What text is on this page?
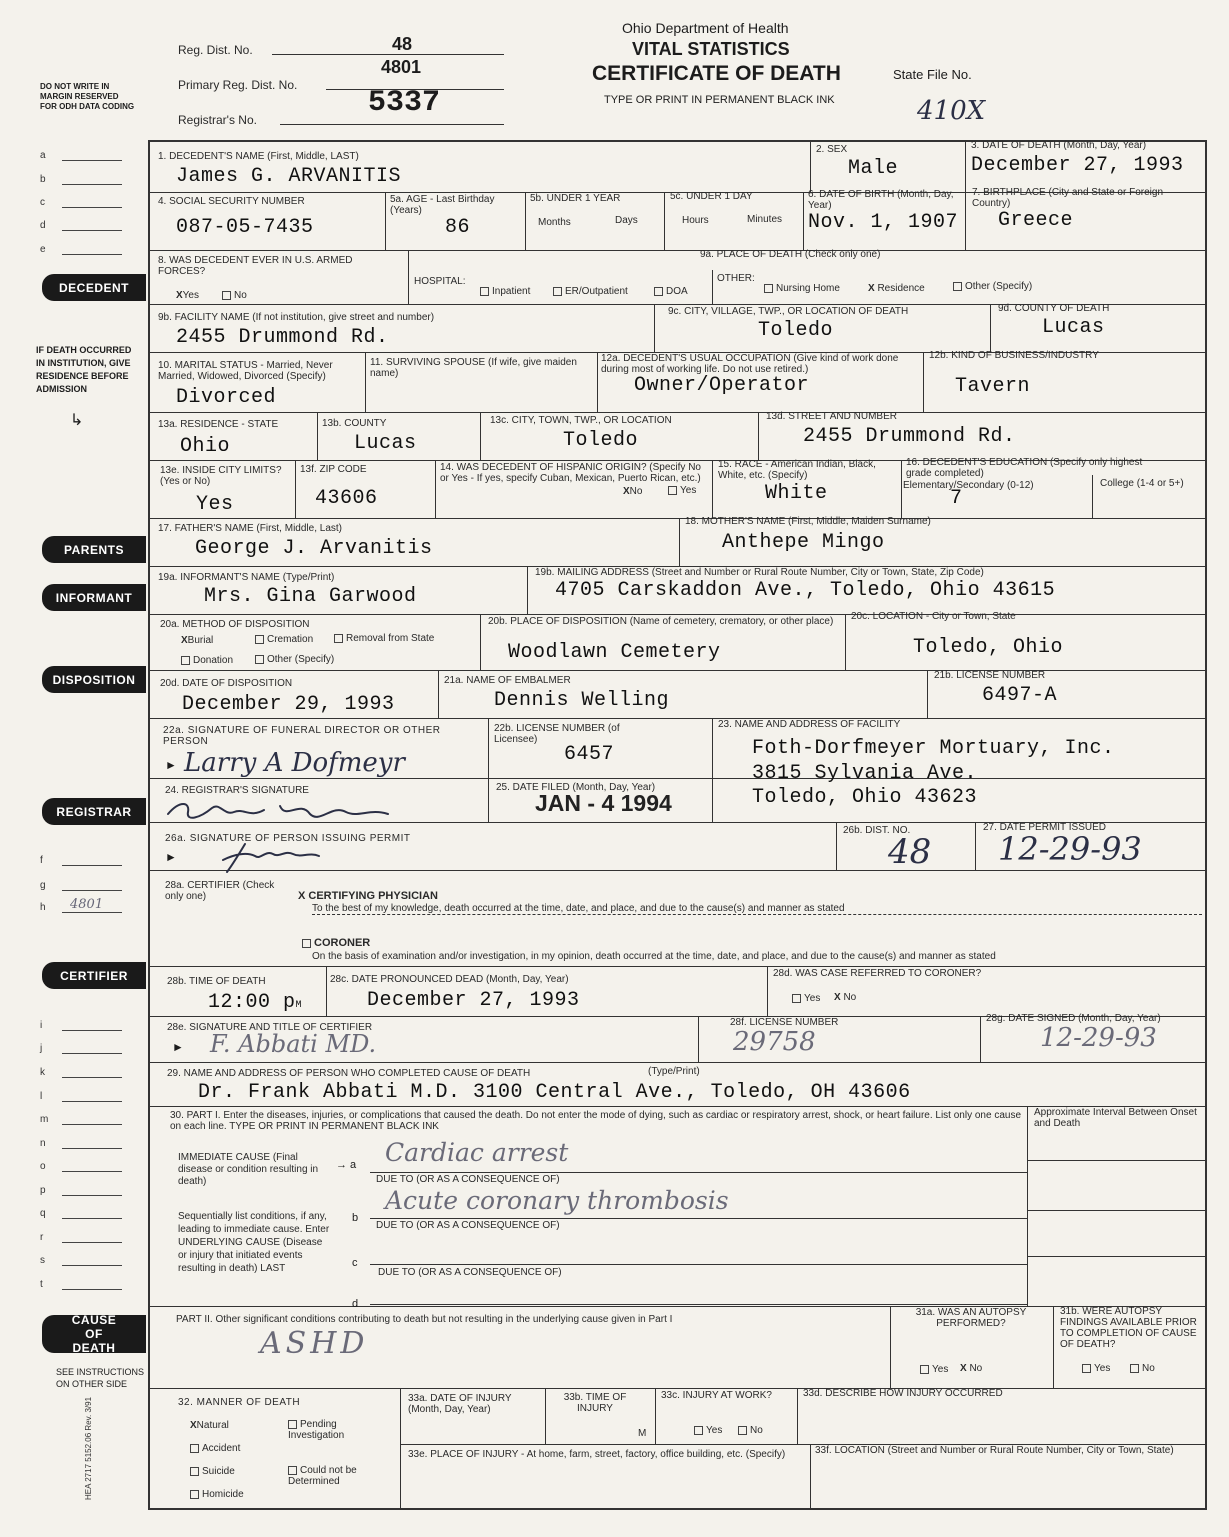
Reg. Dist. No.	48
Primary Reg. Dist. No.
4801
Registrar's No.	5337
Ohio Department of Health
VITAL STATISTICS
CERTIFICATE OF DEATH
TYPE OR PRINT IN PERMANENT BLACK INK
State File No.
410X
DO NOT WRITE IN MARGIN RESERVED FOR ODH DATA CODING
a
b
c
d
e
f
g
h 4801
i
j
k
l
m
n
o
p
q
r
s
t
DECEDENT
IF DEATH OCCURRED IN INSTITUTION, GIVE RESIDENCE BEFORE ADMISSION
↳
PARENTS
INFORMANT
DISPOSITION
REGISTRAR
CERTIFIER
CAUSE OF DEATH
SEE INSTRUCTIONS ON OTHER SIDE
HEA 2717 5152.06 Rev. 3/91
1. DECEDENT'S NAME (First, Middle, LAST)
James G. ARVANITIS
2. SEX
Male
3. DATE OF DEATH (Month, Day, Year)
December 27, 1993
4. SOCIAL SECURITY NUMBER
087-05-7435
5a. AGE - Last Birthday (Years)
86
5b. UNDER 1 YEAR
Months	Days
5c. UNDER 1 DAY
Hours	Minutes
6. DATE OF BIRTH (Month, Day, Year)
Nov. 1, 1907
7. BIRTHPLACE (City and State or Foreign Country)
Greece
8. WAS DECEDENT EVER IN U.S. ARMED FORCES?
XYes	No
9a. PLACE OF DEATH (Check only one)
HOSPITAL:
Inpatient	ER/Outpatient	DOA
OTHER:
Nursing Home	X Residence	Other (Specify)
9b. FACILITY NAME (If not institution, give street and number)
2455 Drummond Rd.
9c. CITY, VILLAGE, TWP., OR LOCATION OF DEATH
Toledo
9d. COUNTY OF DEATH
Lucas
10. MARITAL STATUS - Married, Never Married, Widowed, Divorced (Specify)
Divorced
11. SURVIVING SPOUSE (If wife, give maiden name)
12a. DECEDENT'S USUAL OCCUPATION (Give kind of work done during most of working life. Do not use retired.)
Owner/Operator
12b. KIND OF BUSINESS/INDUSTRY
Tavern
13a. RESIDENCE - STATE
Ohio
13b. COUNTY
Lucas
13c. CITY, TOWN, TWP., OR LOCATION
Toledo
13d. STREET AND NUMBER
2455 Drummond Rd.
13e. INSIDE CITY LIMITS? (Yes or No)
Yes
13f. ZIP CODE
43606
14. WAS DECEDENT OF HISPANIC ORIGIN? (Specify No or Yes - If yes, specify Cuban, Mexican, Puerto Rican, etc.)
XNo	Yes
15. RACE - American Indian, Black, White, etc. (Specify)
White
16. DECEDENT'S EDUCATION (Specify only highest grade completed)
Elementary/Secondary (0-12)
7
College (1-4 or 5+)
17. FATHER'S NAME (First, Middle, Last)
George J. Arvanitis
18. MOTHER'S NAME (First, Middle, Maiden Surname)
Anthepe Mingo
19a. INFORMANT'S NAME (Type/Print)
Mrs. Gina Garwood
19b. MAILING ADDRESS (Street and Number or Rural Route Number, City or Town, State, Zip Code)
4705 Carskaddon Ave., Toledo, Ohio 43615
20a. METHOD OF DISPOSITION
XBurial	Cremation	Removal from State
Donation	Other (Specify)
20b. PLACE OF DISPOSITION (Name of cemetery, crematory, or other place)
Woodlawn Cemetery
20c. LOCATION - City or Town, State
Toledo, Ohio
20d. DATE OF DISPOSITION
December 29, 1993
21a. NAME OF EMBALMER
Dennis Welling
21b. LICENSE NUMBER
6497-A
22a. SIGNATURE OF FUNERAL DIRECTOR OR OTHER PERSON
► Larry A Dofmeyr
22b. LICENSE NUMBER (of Licensee)
6457
23. NAME AND ADDRESS OF FACILITY
Foth-Dorfmeyer Mortuary, Inc.
3815 Sylvania Ave.
Toledo, Ohio 43623
24. REGISTRAR'S SIGNATURE	25. DATE FILED (Month, Day, Year)
JAN - 4 1994
26a. SIGNATURE OF PERSON ISSUING PERMIT
►
26b. DIST. NO.
48
27. DATE PERMIT ISSUED
12-29-93
28a. CERTIFIER (Check only one)	X CERTIFYING PHYSICIAN
To the best of my knowledge, death occurred at the time, date, and place, and due to the cause(s) and manner as stated
CORONER
On the basis of examination and/or investigation, in my opinion, death occurred at the time, date, and place, and due to the cause(s) and manner as stated
28b. TIME OF DEATH
12:00 pM
28c. DATE PRONOUNCED DEAD (Month, Day, Year)
December 27, 1993
28d. WAS CASE REFERRED TO CORONER?
Yes X No
28e. SIGNATURE AND TITLE OF CERTIFIER
► F. Abbati MD.
28f. LICENSE NUMBER
29758
28g. DATE SIGNED (Month, Day, Year)
12-29-93
29. NAME AND ADDRESS OF PERSON WHO COMPLETED CAUSE OF DEATH	(Type/Print)
Dr. Frank Abbati M.D. 3100 Central Ave., Toledo, OH 43606
30. PART I. Enter the diseases, injuries, or complications that caused the death. Do not enter the mode of dying, such as cardiac or respiratory arrest, shock, or heart failure. List only one cause on each line. TYPE OR PRINT IN PERMANENT BLACK INK
Approximate Interval Between Onset and Death
IMMEDIATE CAUSE (Final disease or condition resulting in death)
→ a Cardiac arrest
DUE TO (OR AS A CONSEQUENCE OF)
b
Acute coronary thrombosis
DUE TO (OR AS A CONSEQUENCE OF)
Sequentially list conditions, if any, leading to immediate cause. Enter UNDERLYING CAUSE (Disease or injury that initiated events resulting in death) LAST	c
DUE TO (OR AS A CONSEQUENCE OF)
d
PART II. Other significant conditions contributing to death but not resulting in the underlying cause given in Part I
ASHD
31a. WAS AN AUTOPSY PERFORMED?
Yes X No
31b. WERE AUTOPSY FINDINGS AVAILABLE PRIOR TO COMPLETION OF CAUSE OF DEATH?
Yes	No
32. MANNER OF DEATH
XNatural	Pending Investigation
Accident
Suicide	Could not be Determined
Homicide
33a. DATE OF INJURY (Month, Day, Year)
33b. TIME OF INJURY
M
33c. INJURY AT WORK?
Yes	No
33d. DESCRIBE HOW INJURY OCCURRED
33e. PLACE OF INJURY - At home, farm, street, factory, office building, etc. (Specify)	33f. LOCATION (Street and Number or Rural Route Number, City or Town, State)
